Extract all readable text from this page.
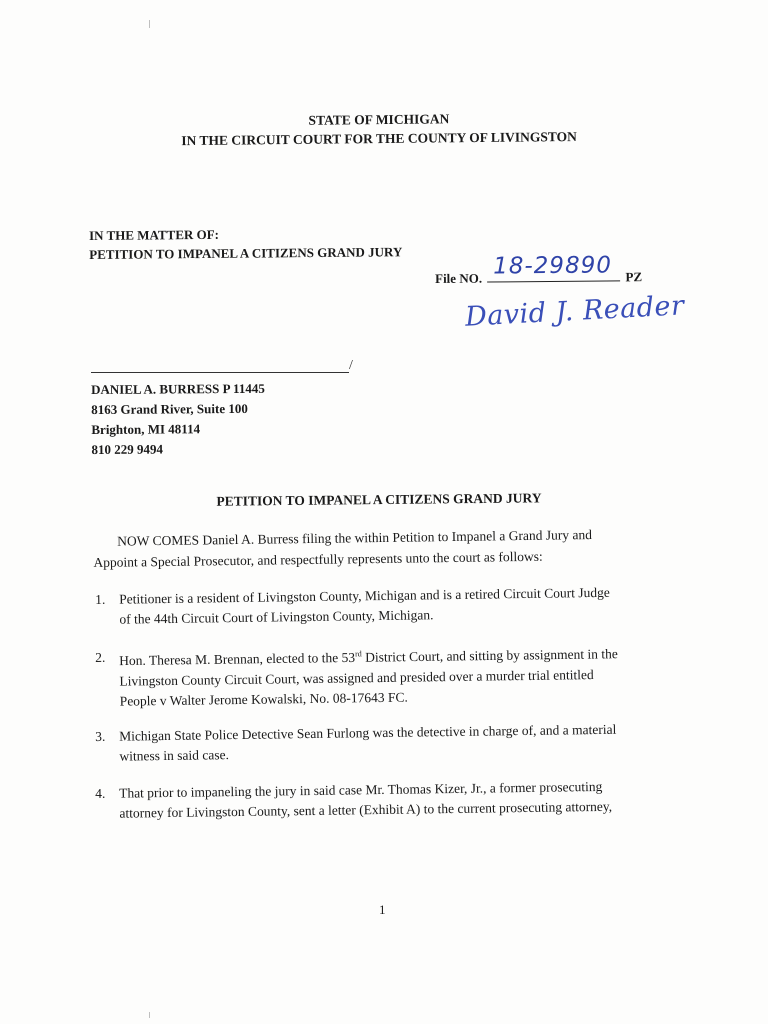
STATE OF MICHIGAN
IN THE CIRCUIT COURT FOR THE COUNTY OF LIVINGSTON
IN THE MATTER OF:
PETITION TO IMPANEL A CITIZENS GRAND JURY
File NO. 18-29890 PZ
David J. Reader
/
DANIEL A. BURRESS P 11445
8163 Grand River, Suite 100
Brighton, MI 48114
810 229 9494
PETITION TO IMPANEL A CITIZENS GRAND JURY
NOW COMES Daniel A. Burress filing the within Petition to Impanel a Grand Jury and
Appoint a Special Prosecutor, and respectfully represents unto the court as follows:
1.	Petitioner is a resident of Livingston County, Michigan and is a retired Circuit Court Judge
of the 44th Circuit Court of Livingston County, Michigan.
2.	Hon. Theresa M. Brennan, elected to the 53rd District Court, and sitting by assignment in the
Livingston County Circuit Court, was assigned and presided over a murder trial entitled
People v Walter Jerome Kowalski, No. 08-17643 FC.
3.	Michigan State Police Detective Sean Furlong was the detective in charge of, and a material
witness in said case.
4.	That prior to impaneling the jury in said case Mr. Thomas Kizer, Jr., a former prosecuting
attorney for Livingston County, sent a letter (Exhibit A) to the current prosecuting attorney,
1
